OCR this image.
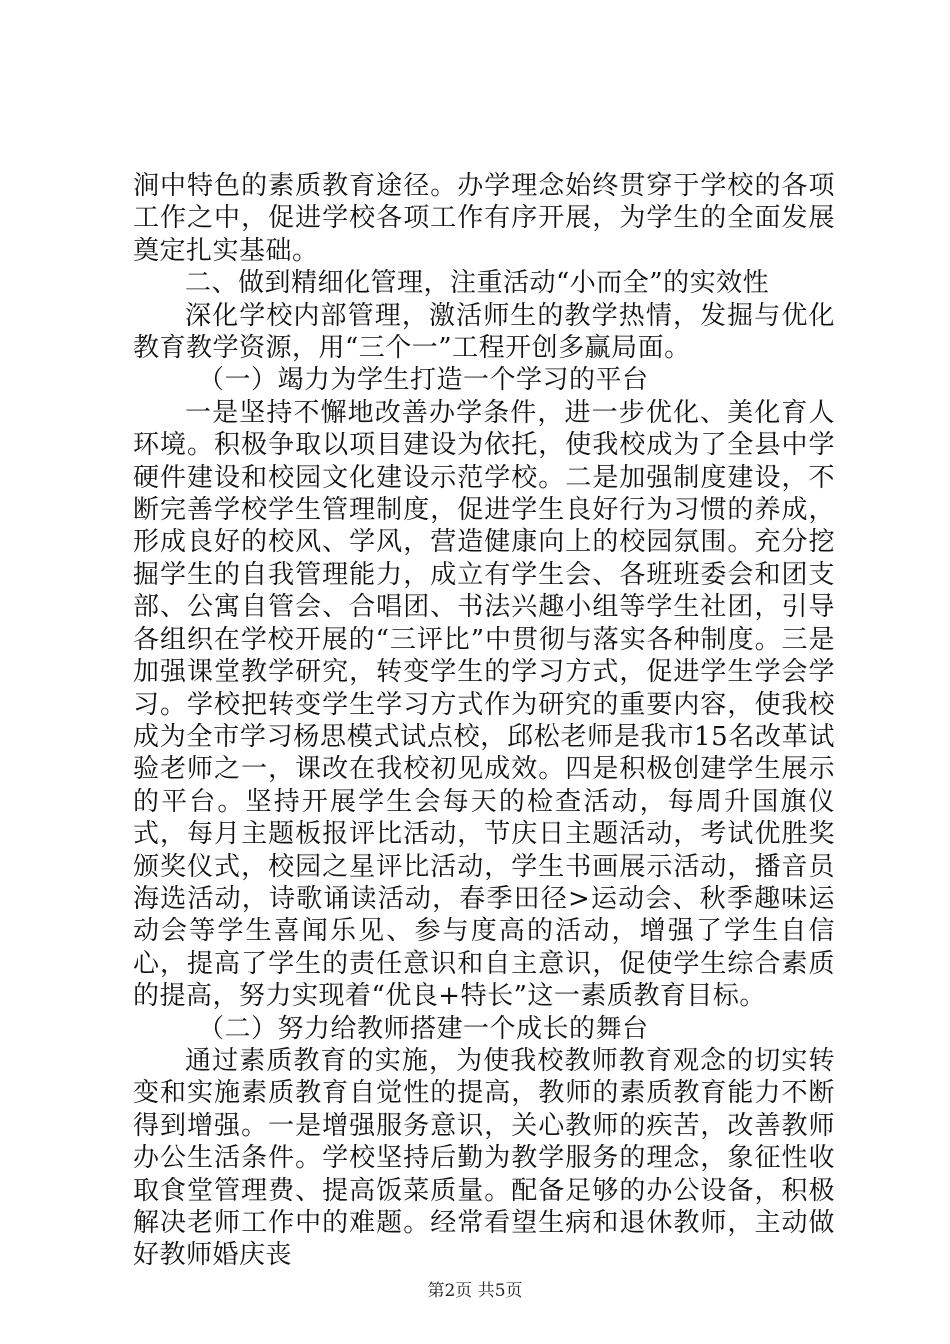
涧中特色的素质教育途径。办学理念始终贯穿于学校的各项工作之中，促进学校各项工作有序开展，为学生的全面发展奠定扎实基础。

二、做到精细化管理，注重活动“小而全”的实效性

深化学校内部管理，激活师生的教学热情，发掘与优化教育教学资源，用“三个一”工程开创多赢局面。

（一）竭力为学生打造一个学习的平台

一是坚持不懈地改善办学条件，进一步优化、美化育人环境。积极争取以项目建设为依托，使我校成为了全县中学硬件建设和校园文化建设示范学校。二是加强制度建设，不断完善学校学生管理制度，促进学生良好行为习惯的养成，形成良好的校风、学风，营造健康向上的校园氛围。充分挖掘学生的自我管理能力，成立有学生会、各班班委会和团支部、公寓自管会、合唱团、书法兴趣小组等学生社团，引导各组织在学校开展的“三评比”中贯彻与落实各种制度。三是加强课堂教学研究，转变学生的学习方式，促进学生学会学习。学校把转变学生学习方式作为研究的重要内容，使我校成为全市学习杨思模式试点校，邱松老师是我市15名改革试验老师之一，课改在我校初见成效。四是积极创建学生展示的平台。坚持开展学生会每天的检查活动，每周升国旗仪式，每月主题板报评比活动，节庆日主题活动，考试优胜奖颁奖仪式，校园之星评比活动，学生书画展示活动，播音员海选活动，诗歌诵读活动，春季田径>运动会、秋季趣味运动会等学生喜闻乐见、参与度高的活动，增强了学生自信心，提高了学生的责任意识和自主意识，促使学生综合素质的提高，努力实现着“优良+特长”这一素质教育目标。

（二）努力给教师搭建一个成长的舞台

通过素质教育的实施，为使我校教师教育观念的切实转变和实施素质教育自觉性的提高，教师的素质教育能力不断得到增强。一是增强服务意识，关心教师的疾苦，改善教师办公生活条件。学校坚持后勤为教学服务的理念，象征性收取食堂管理费、提高饭菜质量。配备足够的办公设备，积极解决老师工作中的难题。经常看望生病和退休教师，主动做好教师婚庆丧

第2页 共5页
